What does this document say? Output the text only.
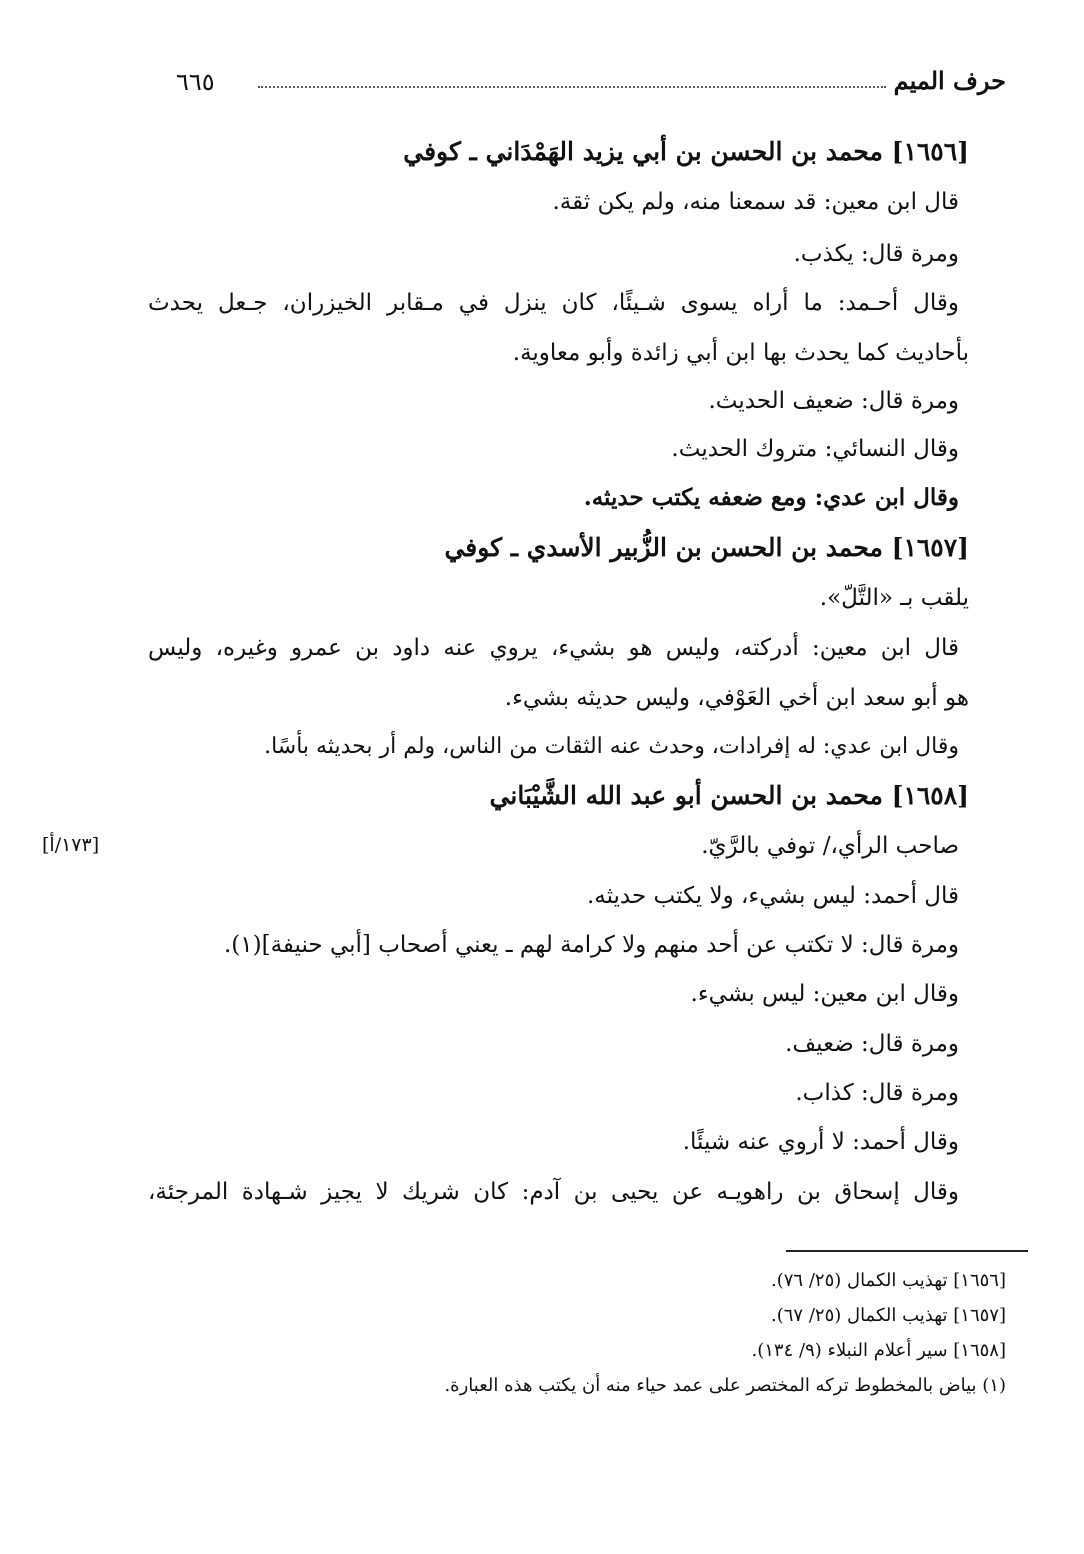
حرف الميم
٦٦٥
[١٦٥٦] محمد بن الحسن بن أبي يزيد الهَمْدَاني ـ كوفي
قال ابن معين: قد سمعنا منه، ولم يكن ثقة.
ومرة قال: يكذب.
وقال أحـمد: ما أراه يسوى شـيئًا، كان ينزل في مـقابر الخيزران، جـعل يحدث
بأحاديث كما يحدث بها ابن أبي زائدة وأبو معاوية.
ومرة قال: ضعيف الحديث.
وقال النسائي: متروك الحديث.
وقال ابن عدي: ومع ضعفه يكتب حديثه.
[١٦٥٧] محمد بن الحسن بن الزُّبير الأسدي ـ كوفي
يلقب بـ «التَّلّ».
قال ابن معين: أدركته، وليس هو بشيء، يروي عنه داود بن عمرو وغيره، وليس
هو أبو سعد ابن أخي العَوْفي، وليس حديثه بشيء.
وقال ابن عدي: له إفرادات، وحدث عنه الثقات من الناس، ولم أر بحديثه بأسًا.
[١٦٥٨] محمد بن الحسن أبو عبد الله الشَّيْبَاني
[١٧٣/أ]	صاحب الرأي،/ توفي بالرَّيّ.
قال أحمد: ليس بشيء، ولا يكتب حديثه.
ومرة قال: لا تكتب عن أحد منهم ولا كرامة لهم ـ يعني أصحاب [أبي حنيفة](١).
وقال ابن معين: ليس بشيء.
ومرة قال: ضعيف.
ومرة قال: كذاب.
وقال أحمد: لا أروي عنه شيئًا.
وقال إسحاق بن راهويـه عن يحيى بن آدم: كان شريك لا يجيز شـهادة المرجئة،
[١٦٥٦] تهذيب الكمال (٢٥/ ٧٦).
[١٦٥٧] تهذيب الكمال (٢٥/ ٦٧).
[١٦٥٨] سير أعلام النبلاء (٩/ ١٣٤).
(١) بياض بالمخطوط تركه المختصر على عمد حياء منه أن يكتب هذه العبارة.
